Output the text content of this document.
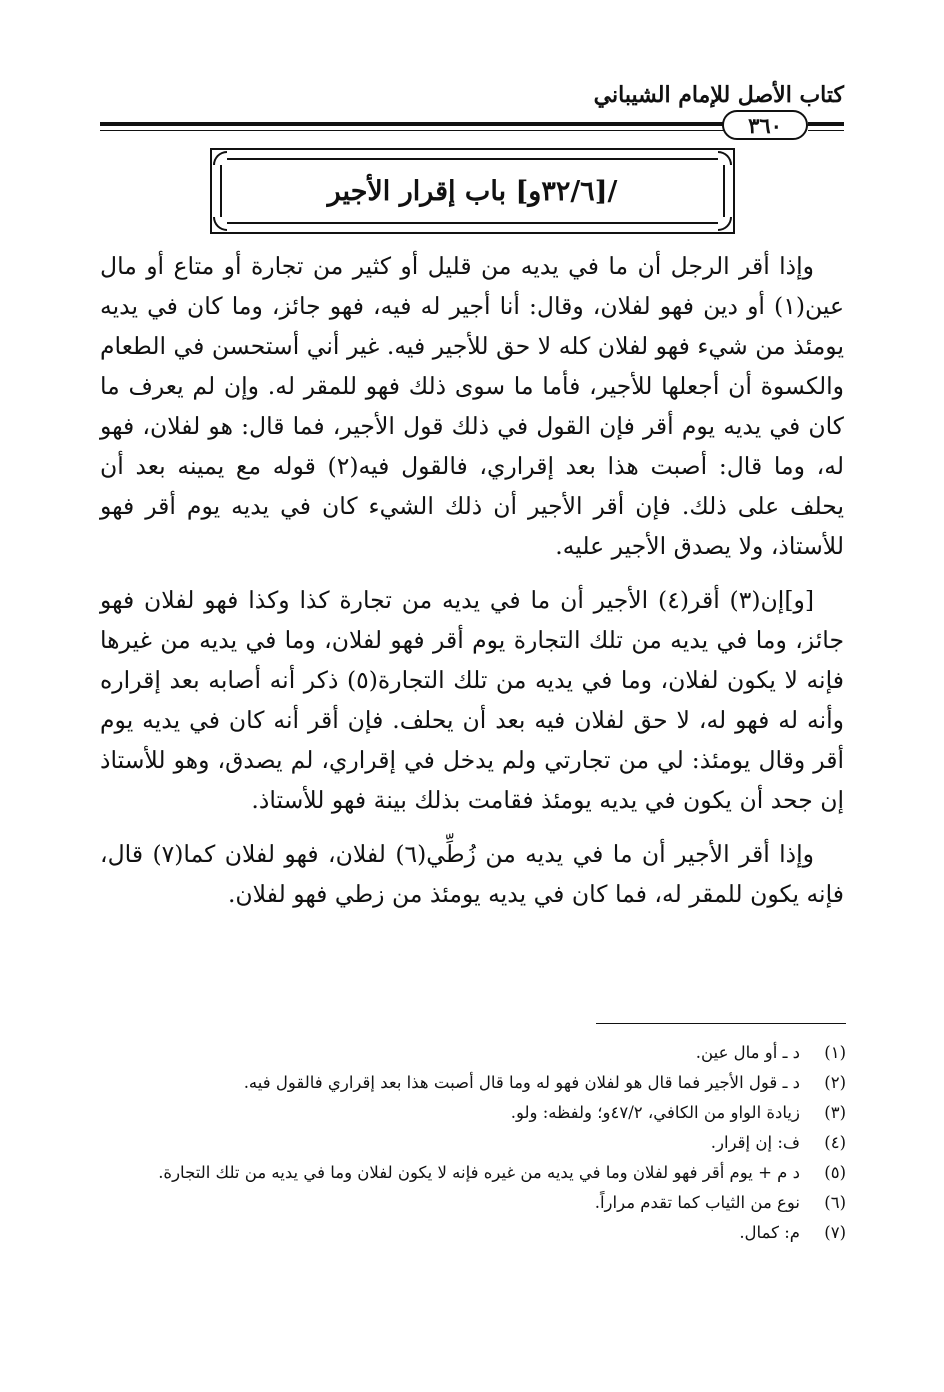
كتاب الأصل للإمام الشيباني
٣٦٠
/[٣٢/٦و] باب إقرار الأجير

وإذا أقر الرجل أن ما في يديه من قليل أو كثير من تجارة أو متاع أو مال عين(١) أو دين فهو لفلان، وقال: أنا أجير له فيه، فهو جائز، وما كان في يديه يومئذ من شيء فهو لفلان كله لا حق للأجير فيه. غير أني أستحسن في الطعام والكسوة أن أجعلها للأجير، فأما ما سوى ذلك فهو للمقر له. وإن لم يعرف ما كان في يديه يوم أقر فإن القول في ذلك قول الأجير، فما قال: هو لفلان، فهو له، وما قال: أصبت هذا بعد إقراري، فالقول فيه(٢) قوله مع يمينه بعد أن يحلف على ذلك. فإن أقر الأجير أن ذلك الشيء كان في يديه يوم أقر فهو للأستاذ، ولا يصدق الأجير عليه.

[و]إن(٣) أقر(٤) الأجير أن ما في يديه من تجارة كذا وكذا فهو لفلان فهو جائز، وما في يديه من تلك التجارة يوم أقر فهو لفلان، وما في يديه من غيرها فإنه لا يكون لفلان، وما في يديه من تلك التجارة(٥) ذكر أنه أصابه بعد إقراره وأنه له فهو له، لا حق لفلان فيه بعد أن يحلف. فإن أقر أنه كان في يديه يوم أقر وقال يومئذ: لي من تجارتي ولم يدخل في إقراري، لم يصدق، وهو للأستاذ إن جحد أن يكون في يديه يومئذ فقامت بذلك بينة فهو للأستاذ.

وإذا أقر الأجير أن ما في يديه من زُطِّي(٦) لفلان، فهو لفلان كما(٧) قال، فإنه يكون للمقر له، فما كان في يديه يومئذ من زطي فهو لفلان.

(١)
د ـ أو مال عين.
(٢)
د ـ قول الأجير فما قال هو لفلان فهو له وما قال أصبت هذا بعد إقراري فالقول فيه.
(٣)
زيادة الواو من الكافي، ٤٧/٢و؛ ولفظه: ولو.
(٤)
ف: إن إقرار.
(٥)
د م + يوم أقر فهو لفلان وما في يديه من غيره فإنه لا يكون لفلان وما في يديه من تلك التجارة.
(٦)
نوع من الثياب كما تقدم مراراً.
(٧)
م: كمال.
